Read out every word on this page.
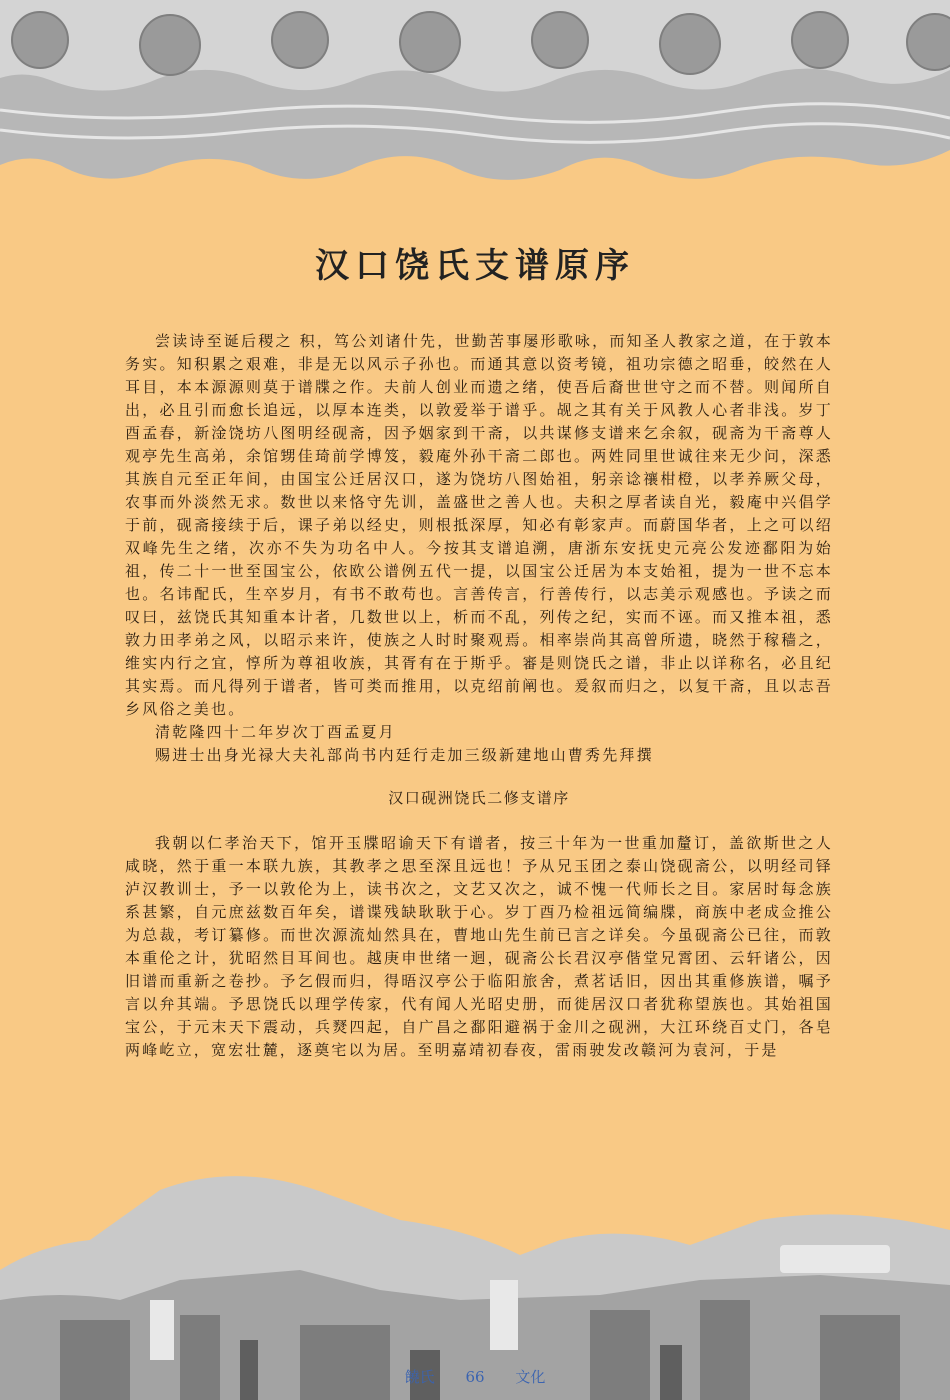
汉口饶氏支谱原序

尝读诗至诞后稷之 积，笃公刘诸什先，世勤苦事屡形歌咏，而知圣人教家之道，在于敦本务实。知积累之艰难，非是无以风示子孙也。而通其意以资考镜，祖功宗德之昭垂，皎然在人耳目，本本源源则莫于谱牒之作。夫前人创业而遗之绪，使吾后裔世世守之而不替。则闻所自出，必且引而愈长追远，以厚本连类，以敦爱举于谱乎。觇之其有关于风教人心者非浅。岁丁酉孟春，新淦饶坊八图明经砚斋，因予姻家到干斋，以共谋修支谱来乞余叙，砚斋为干斋尊人观亭先生高弟，余馆甥佳琦前学博笈，毅庵外孙干斋二郎也。两姓同里世诚往来无少问，深悉其族自元至正年间，由国宝公迁居汉口，遂为饶坊八图始祖，躬亲谂禳柑橙，以孝养厥父母，农事而外淡然无求。数世以来恪守先训，盖盛世之善人也。夫积之厚者读自光，毅庵中兴倡学于前，砚斋接续于后，课子弟以经史，则根抵深厚，知必有彰家声。而蔚国华者，上之可以绍双峰先生之绪，次亦不失为功名中人。今按其支谱追溯，唐浙东安抚史元亮公发迹鄱阳为始祖，传二十一世至国宝公，依欧公谱例五代一提，以国宝公迁居为本支始袓，提为一世不忘本也。名讳配氏，生卒岁月，有书不敢苟也。言善传言，行善传行，以志美示观感也。予读之而叹曰，兹饶氏其知重本计者，几数世以上，析而不乱，列传之纪，实而不诬。而又推本祖，悉敦力田孝弟之风，以昭示来许，使族之人时时聚观焉。相率崇尚其高曾所遗，晓然于稼穑之，维实内行之宜，惇所为尊祖收族，其胥有在于斯乎。審是则饶氏之谱，非止以详称名，必且纪其实焉。而凡得列于谱者，皆可类而推用，以克绍前阐也。爰叙而归之，以复干斋，且以志吾乡风俗之美也。

清乾隆四十二年岁次丁酉孟夏月

赐进士出身光禄大夫礼部尚书内廷行走加三级新建地山曹秀先拜撰

汉口砚洲饶氏二修支谱序

我朝以仁孝治天下，馆开玉牒昭谕天下有谱者，按三十年为一世重加釐订，盖欲斯世之人咸晓，然于重一本联九族，其教孝之思至深且远也！予从兄玉团之泰山饶砚斋公，以明经司铎泸汉教训士，予一以敦伦为上，读书次之，文艺又次之，诚不愧一代师长之目。家居时每念族系甚繁，自元庶兹数百年矣，谱谍残缺耿耿于心。岁丁酉乃检祖远简编牒，商族中老成佥推公为总裁，考订纂修。而世次源流灿然具在，曹地山先生前已言之详矣。今虽砚斋公已往，而敦本重伦之计，犹昭然目耳间也。越庚申世绪一迴，砚斋公长君汉亭偕堂兄霄团、云轩诸公，因旧谱而重新之卷抄。予乞假而归，得晤汉亭公于临阳旅舍，煮茗话旧，因出其重修族谱，嘱予言以弁其端。予思饶氏以理学传家，代有闻人光昭史册，而徙居汉口者犹称望族也。其始祖国宝公，于元末天下震动，兵燹四起，自广昌之鄱阳避祸于金川之砚洲，大江环绕百丈门，各皂两峰屹立，宽宏壮麓，逐奠宅以为居。至明嘉靖初春夜，雷雨驶发改赣河为袁河，于是

饒氏 66 文化
